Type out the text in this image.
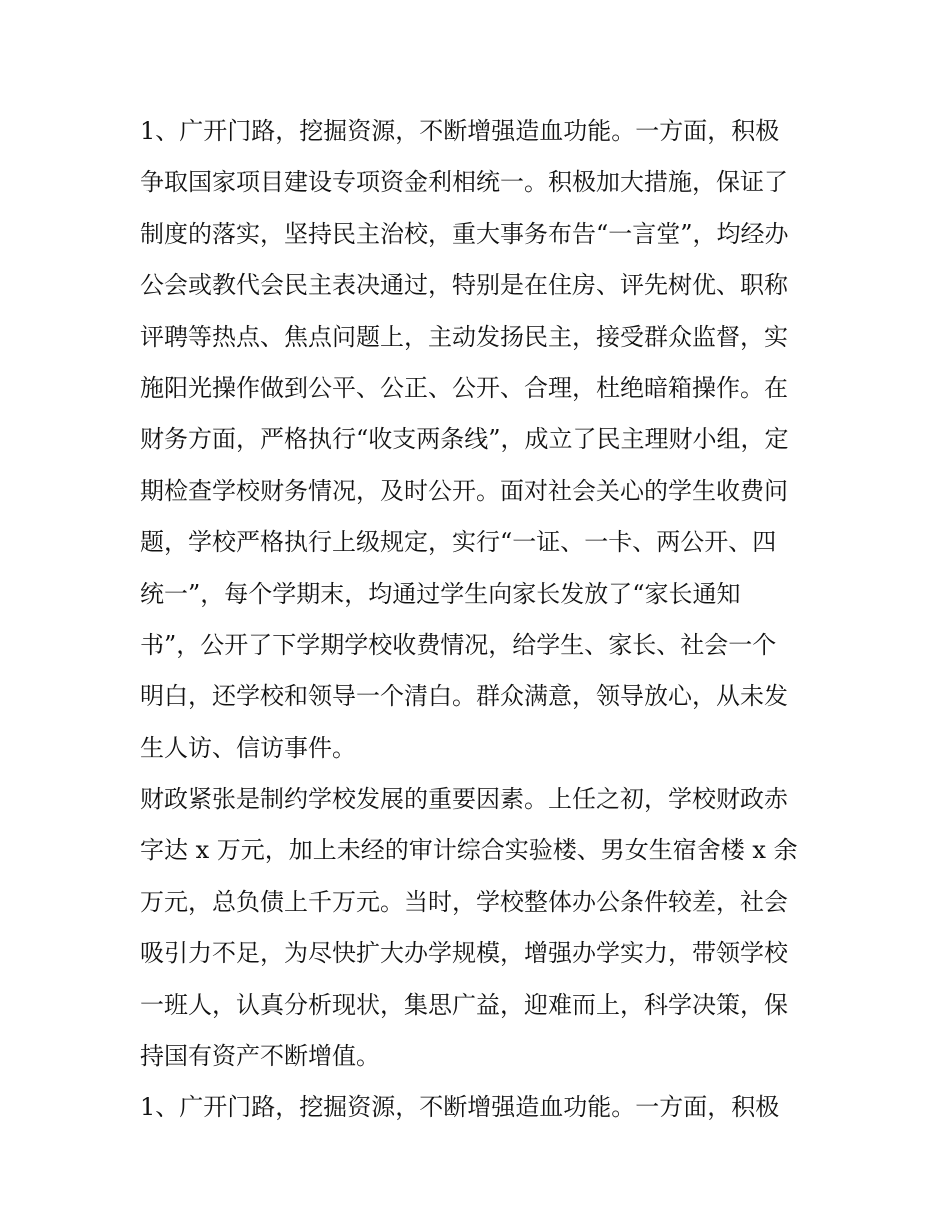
1、广开门路，挖掘资源，不断增强造血功能。一方面，积极
争取国家项目建设专项资金利相统一。积极加大措施，保证了
制度的落实，坚持民主治校，重大事务布告“一言堂”，均经办
公会或教代会民主表决通过，特别是在住房、评先树优、职称
评聘等热点、焦点问题上，主动发扬民主，接受群众监督，实
施阳光操作做到公平、公正、公开、合理，杜绝暗箱操作。在
财务方面，严格执行“收支两条线”，成立了民主理财小组，定
期检查学校财务情况，及时公开。面对社会关心的学生收费问
题，学校严格执行上级规定，实行“一证、一卡、两公开、四
统一”，每个学期末，均通过学生向家长发放了“家长通知
书”，公开了下学期学校收费情况，给学生、家长、社会一个
明白，还学校和领导一个清白。群众满意，领导放心，从未发
生人访、信访事件。
财政紧张是制约学校发展的重要因素。上任之初，学校财政赤
字达 x 万元，加上未经的审计综合实验楼、男女生宿舍楼 x 余
万元，总负债上千万元。当时，学校整体办公条件较差，社会
吸引力不足，为尽快扩大办学规模，增强办学实力，带领学校
一班人，认真分析现状，集思广益，迎难而上，科学决策，保
持国有资产不断增值。
1、广开门路，挖掘资源，不断增强造血功能。一方面，积极
